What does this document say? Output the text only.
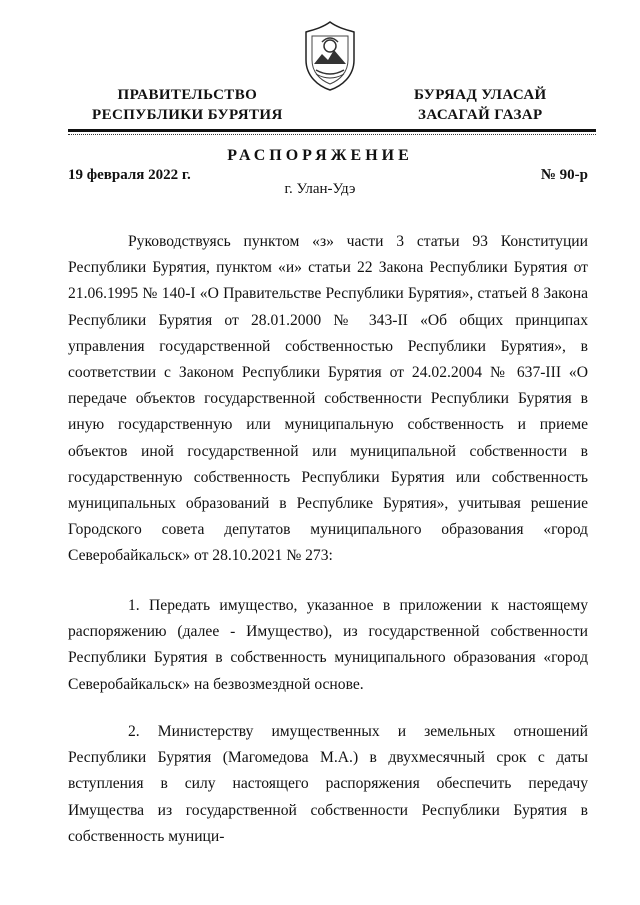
ПРАВИТЕЛЬСТВО
РЕСПУБЛИКИ БУРЯТИЯ
БУРЯАД УЛАСАЙ
ЗАСАГАЙ ГАЗАР
РАСПОРЯЖЕНИЕ
19 февраля 2022 г.	№ 90-р
г. Улан-Удэ

Руководствуясь пунктом «з» части 3 статьи 93 Конституции Республики Бурятия, пунктом «и» статьи 22 Закона Республики Бурятия от 21.06.1995 № 140-I «О Правительстве Республики Бурятия», статьей 8 Закона Республики Бурятия от 28.01.2000 № 343-II «Об общих принципах управления государственной собственностью Республики Бурятия», в соответствии с Законом Республики Бурятия от 24.02.2004 № 637-III «О передаче объектов государственной собственности Республики Бурятия в иную государственную или муниципальную собственность и приеме объектов иной государственной или муниципальной собственности в государственную собственность Республики Бурятия или собственность муниципальных образований в Республике Бурятия», учитывая решение Городского совета депутатов муниципального образования «город Северобайкальск» от 28.10.2021 № 273:

1. Передать имущество, указанное в приложении к настоящему распоряжению (далее - Имущество), из государственной собственности Республики Бурятия в собственность муниципального образования «город Северобайкальск» на безвозмездной основе.

2. Министерству имущественных и земельных отношений Республики Бурятия (Магомедова М.А.) в двухмесячный срок с даты вступления в силу настоящего распоряжения обеспечить передачу Имущества из государственной собственности Республики Бурятия в собственность муници-
